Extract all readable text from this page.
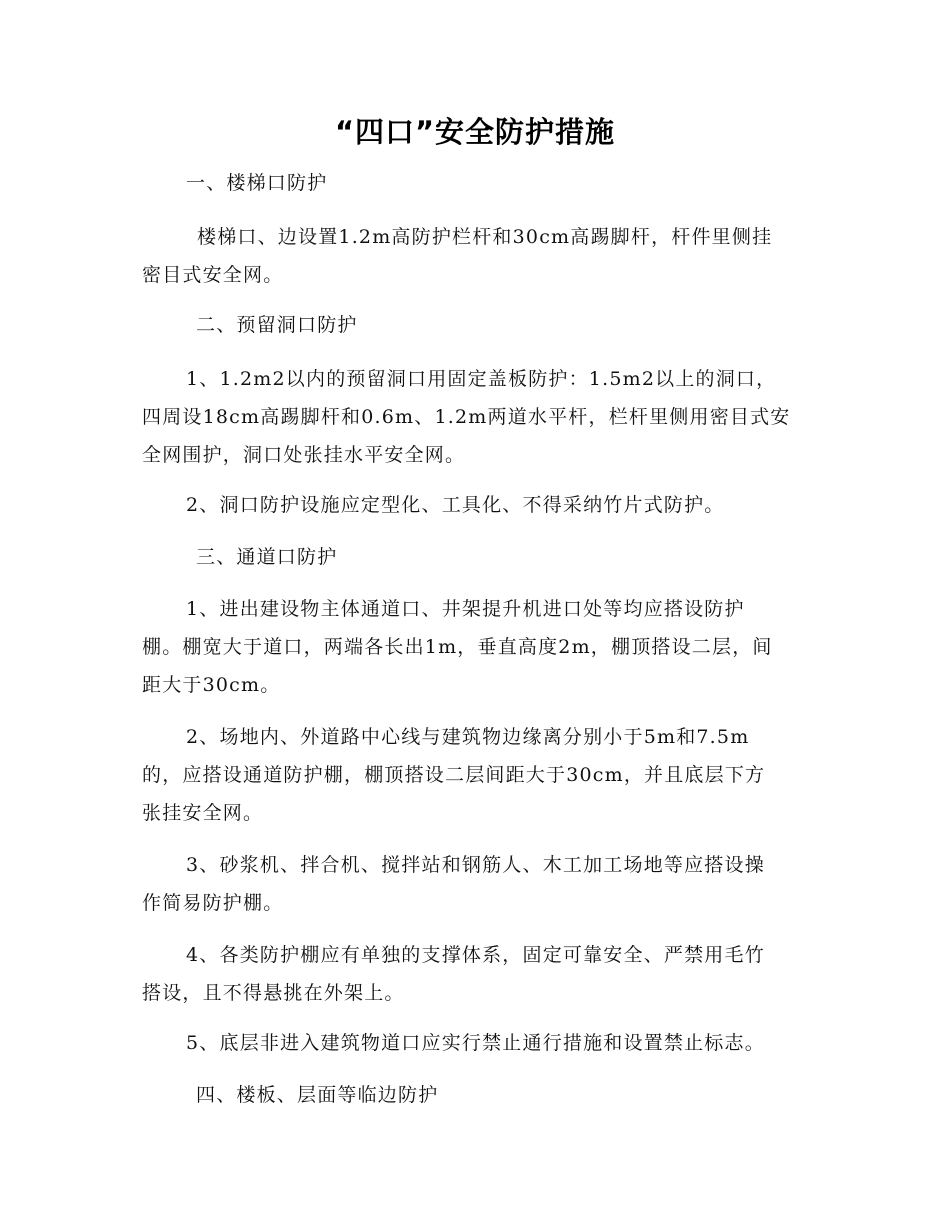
“四口”安全防护措施
一、楼梯口防护
楼梯口、边设置1.2m高防护栏杆和30cm高踢脚杆，杆件里侧挂
密目式安全网。
二、预留洞口防护
1、1.2m2以内的预留洞口用固定盖板防护：1.5m2以上的洞口，
四周设18cm高踢脚杆和0.6m、1.2m两道水平杆，栏杆里侧用密目式安
全网围护，洞口处张挂水平安全网。
2、洞口防护设施应定型化、工具化、不得采纳竹片式防护。
三、通道口防护
1、进出建设物主体通道口、井架提升机进口处等均应搭设防护
棚。棚宽大于道口，两端各长出1m，垂直高度2m，棚顶搭设二层，间
距大于30cm。
2、场地内、外道路中心线与建筑物边缘离分别小于5m和7.5m
的，应搭设通道防护棚，棚顶搭设二层间距大于30cm，并且底层下方
张挂安全网。
3、砂浆机、拌合机、搅拌站和钢筋人、木工加工场地等应搭设操
作简易防护棚。
4、各类防护棚应有单独的支撑体系，固定可靠安全、严禁用毛竹
搭设，且不得悬挑在外架上。
5、底层非进入建筑物道口应实行禁止通行措施和设置禁止标志。
四、楼板、层面等临边防护
